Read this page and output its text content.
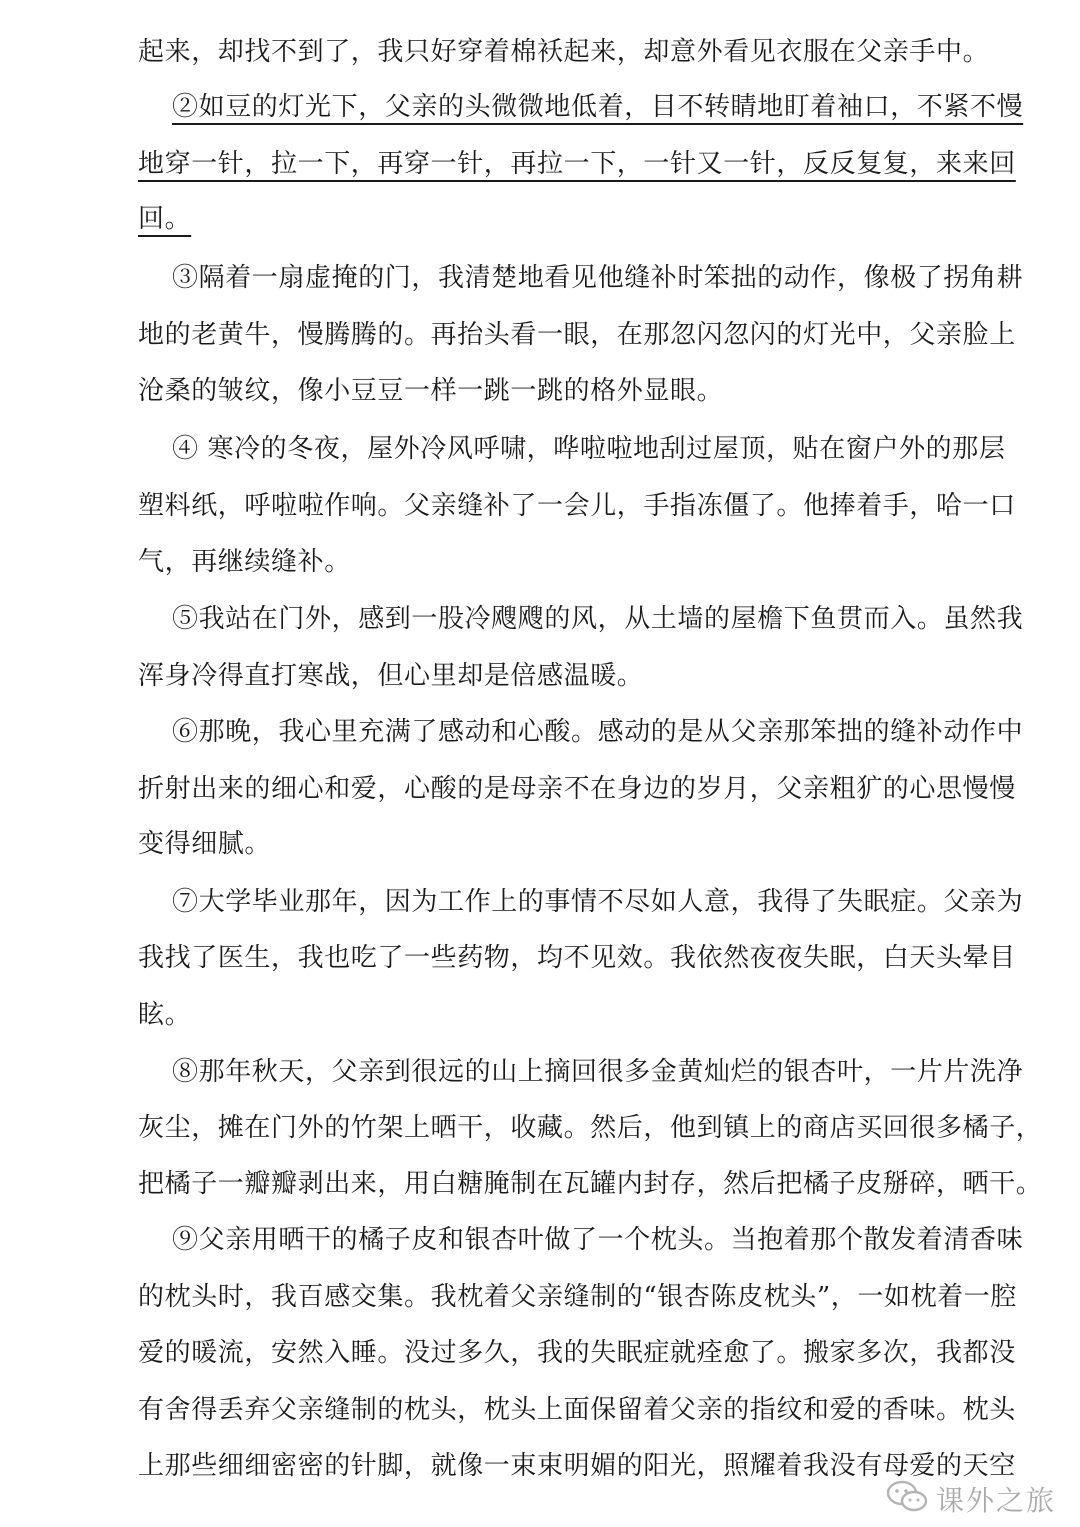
起来，却找不到了，我只好穿着棉袄起来，却意外看见衣服在父亲手中。

②如豆的灯光下，父亲的头微微地低着，目不转睛地盯着袖口，不紧不慢

地穿一针，拉一下，再穿一针，再拉一下，一针又一针，反反复复，来来回

回。

③隔着一扇虚掩的门，我清楚地看见他缝补时笨拙的动作，像极了拐角耕

地的老黄牛，慢腾腾的。再抬头看一眼，在那忽闪忽闪的灯光中，父亲脸上

沧桑的皱纹，像小豆豆一样一跳一跳的格外显眼。

④ 寒冷的冬夜，屋外冷风呼啸，哗啦啦地刮过屋顶，贴在窗户外的那层

塑料纸，呼啦啦作响。父亲缝补了一会儿，手指冻僵了。他捧着手，哈一口

气，再继续缝补。

⑤我站在门外，感到一股冷飕飕的风，从土墙的屋檐下鱼贯而入。虽然我

浑身冷得直打寒战，但心里却是倍感温暖。

⑥那晚，我心里充满了感动和心酸。感动的是从父亲那笨拙的缝补动作中

折射出来的细心和爱，心酸的是母亲不在身边的岁月，父亲粗犷的心思慢慢

变得细腻。

⑦大学毕业那年，因为工作上的事情不尽如人意，我得了失眠症。父亲为

我找了医生，我也吃了一些药物，均不见效。我依然夜夜失眠，白天头晕目

眩。

⑧那年秋天，父亲到很远的山上摘回很多金黄灿烂的银杏叶，一片片洗净

灰尘，摊在门外的竹架上晒干，收藏。然后，他到镇上的商店买回很多橘子，

把橘子一瓣瓣剥出来，用白糖腌制在瓦罐内封存，然后把橘子皮掰碎，晒干。

⑨父亲用晒干的橘子皮和银杏叶做了一个枕头。当抱着那个散发着清香味

的枕头时，我百感交集。我枕着父亲缝制的“银杏陈皮枕头”，一如枕着一腔

爱的暖流，安然入睡。没过多久，我的失眠症就痊愈了。搬家多次，我都没

有舍得丢弃父亲缝制的枕头，枕头上面保留着父亲的指纹和爱的香味。枕头

上那些细细密密的针脚，就像一束束明媚的阳光，照耀着我没有母爱的天空

课外之旅
